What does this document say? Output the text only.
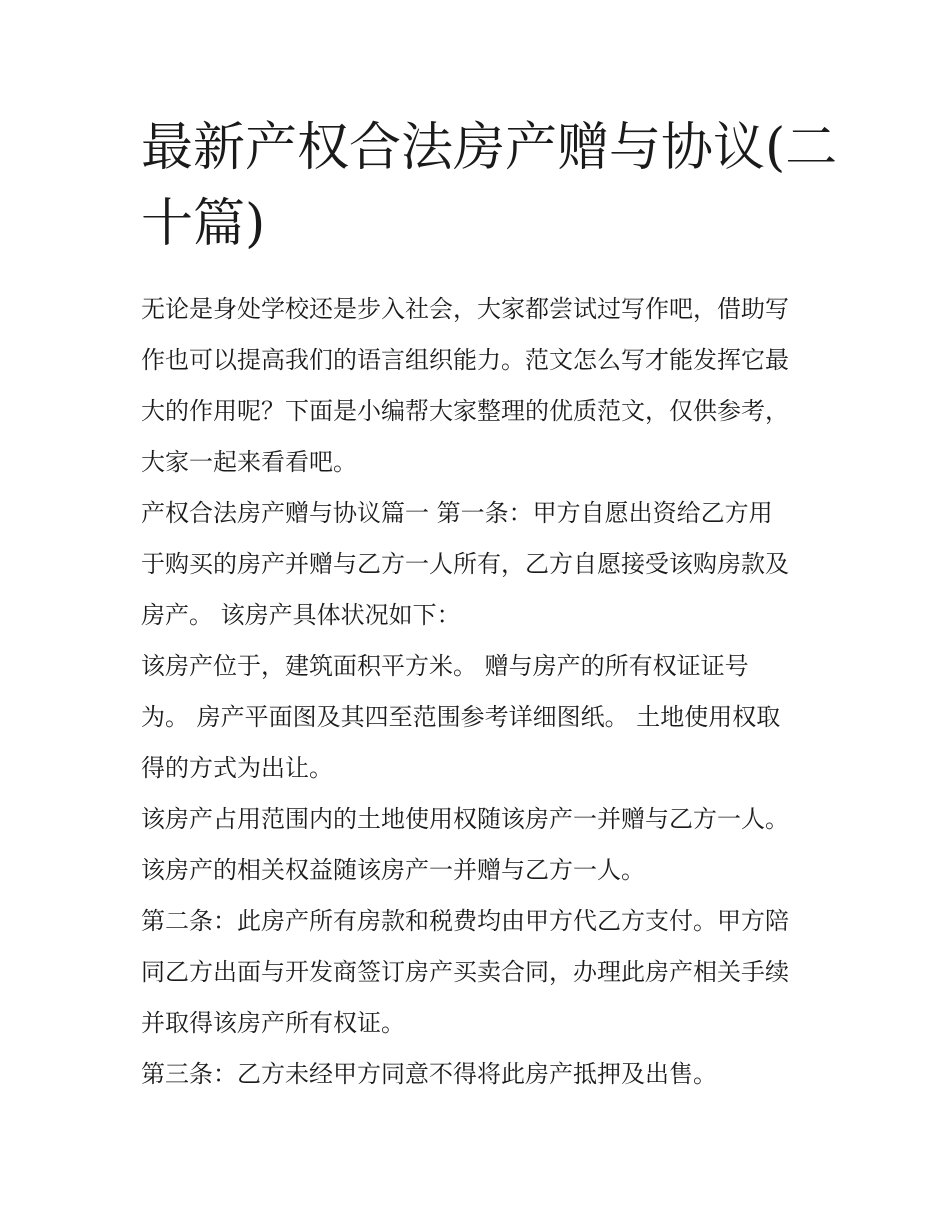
最新产权合法房产赠与协议(二
十篇)
无论是身处学校还是步入社会，大家都尝试过写作吧，借助写
作也可以提高我们的语言组织能力。范文怎么写才能发挥它最
大的作用呢？下面是小编帮大家整理的优质范文，仅供参考，
大家一起来看看吧。
产权合法房产赠与协议篇一 第一条：甲方自愿出资给乙方用
于购买的房产并赠与乙方一人所有，乙方自愿接受该购房款及
房产。 该房产具体状况如下：
该房产位于，建筑面积平方米。 赠与房产的所有权证证号
为。 房产平面图及其四至范围参考详细图纸。 土地使用权取
得的方式为出让。
该房产占用范围内的土地使用权随该房产一并赠与乙方一人。
该房产的相关权益随该房产一并赠与乙方一人。
第二条：此房产所有房款和税费均由甲方代乙方支付。甲方陪
同乙方出面与开发商签订房产买卖合同，办理此房产相关手续
并取得该房产所有权证。
第三条：乙方未经甲方同意不得将此房产抵押及出售。
